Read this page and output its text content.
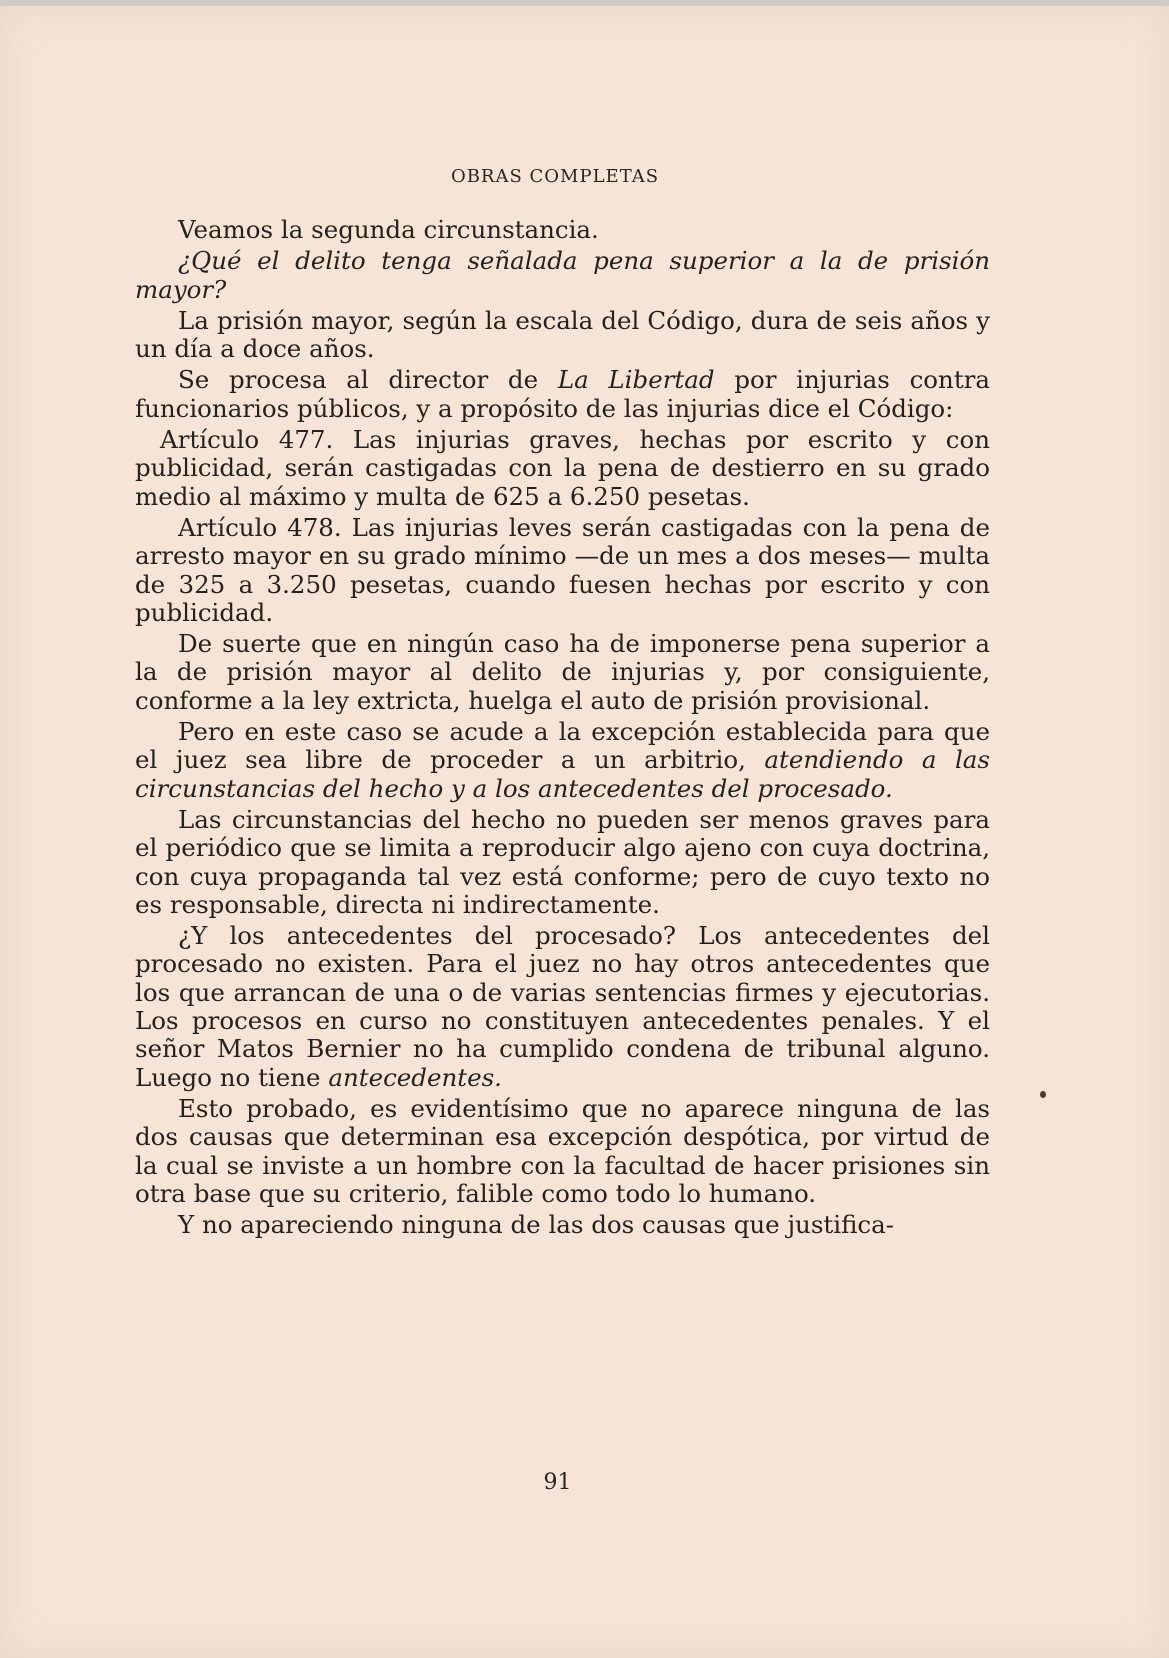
OBRAS COMPLETAS

Veamos la segunda circunstancia.

¿Qué el delito tenga señalada pena superior a la de prisión mayor?

La prisión mayor, según la escala del Código, dura de seis años y un día a doce años.

Se procesa al director de La Libertad por injurias contra funcionarios públicos, y a propósito de las injurias dice el Código:

Artículo 477. Las injurias graves, hechas por escrito y con publicidad, serán castigadas con la pena de destierro en su grado medio al máximo y multa de 625 a 6.250 pesetas.

Artículo 478. Las injurias leves serán castigadas con la pena de arresto mayor en su grado mínimo —de un mes a dos meses— multa de 325 a 3.250 pesetas, cuando fuesen hechas por escrito y con publicidad.

De suerte que en ningún caso ha de imponerse pena superior a la de prisión mayor al delito de injurias y, por consiguiente, conforme a la ley extricta, huelga el auto de prisión provisional.

Pero en este caso se acude a la excepción establecida para que el juez sea libre de proceder a un arbitrio, atendiendo a las circunstancias del hecho y a los antecedentes del procesado.

Las circunstancias del hecho no pueden ser menos graves para el periódico que se limita a reproducir algo ajeno con cuya doctrina, con cuya propaganda tal vez está conforme; pero de cuyo texto no es responsable, directa ni indirectamente.

¿Y los antecedentes del procesado? Los antecedentes del procesado no existen. Para el juez no hay otros antecedentes que los que arrancan de una o de varias sentencias firmes y ejecutorias. Los procesos en curso no constituyen antecedentes penales. Y el señor Matos Bernier no ha cumplido condena de tribunal alguno. Luego no tiene antecedentes.

Esto probado, es evidentísimo que no aparece ninguna de las dos causas que determinan esa excepción despótica, por virtud de la cual se inviste a un hombre con la facultad de hacer prisiones sin otra base que su criterio, falible como todo lo humano.

Y no apareciendo ninguna de las dos causas que justifica-

91
